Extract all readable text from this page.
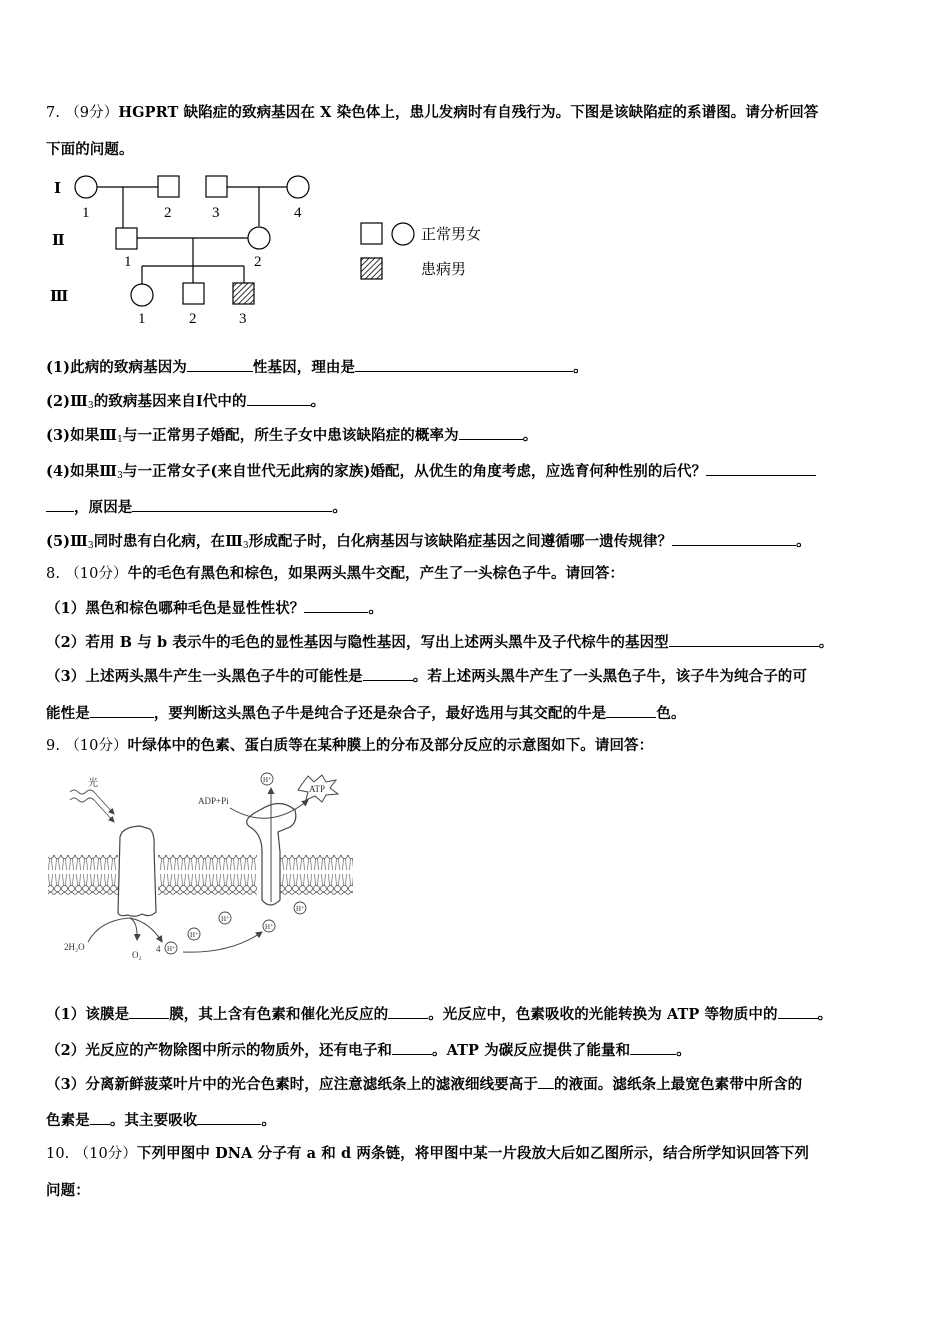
7. （9分）HGPRT 缺陷症的致病基因在 X 染色体上，患儿发病时有自残行为。下图是该缺陷症的系谱图。请分析回答
下面的问题。
Ⅰ
Ⅱ
Ⅲ
1	2	3	4
1	2
1	2	3
正常男女
患病男
(1)此病的致病基因为	性基因，理由是	。
$(2)Ⅲ_3$的致病基因来自Ⅰ代中的	。
(3)如果$Ⅲ_1$与一正常男子婚配，所生子女中患该缺陷症的概率为	。
(4)如果$Ⅲ_3$与一正常女子(来自世代无此病的家族)婚配，从优生的角度考虑，应选育何种性别的后代？
，原因是	。
$(5)Ⅲ_3$同时患有白化病，在$Ⅲ_3$形成配子时，白化病基因与该缺陷症基因之间遵循哪一遗传规律？	。
8. （10分）牛的毛色有黑色和棕色，如果两头黑牛交配，产生了一头棕色子牛。请回答：
（1）黑色和棕色哪种毛色是显性性状？	。
（2）若用 B 与 b 表示牛的毛色的显性基因与隐性基因，写出上述两头黑牛及子代棕牛的基因型	。
（3）上述两头黑牛产生一头黑色子牛的可能性是	。若上述两头黑牛产生了一头黑色子牛，该子牛为纯合子的可
能性是	，要判断这头黑色子牛是纯合子还是杂合子，最好选用与其交配的牛是	色。
9. （10分）叶绿体中的色素、蛋白质等在某种膜上的分布及部分反应的示意图如下。请回答：
光
ADP+Pi
ATP
H⁺
H⁺
H⁺
H⁺
H⁺
H⁺
2H₂O
O₂
4
（1）该膜是	膜，其上含有色素和催化光反应的	。光反应中，色素吸收的光能转换为 ATP 等物质中的	。
（2）光反应的产物除图中所示的物质外，还有电子和	。ATP 为碳反应提供了能量和	。
（3）分离新鲜菠菜叶片中的光合色素时，应注意滤纸条上的滤液细线要高于 的液面。滤纸条上最宽色素带中所含的
色素是 。其主要吸收	。
10. （10分）下列甲图中 DNA 分子有 a 和 d 两条链，将甲图中某一片段放大后如乙图所示，结合所学知识回答下列
问题：
